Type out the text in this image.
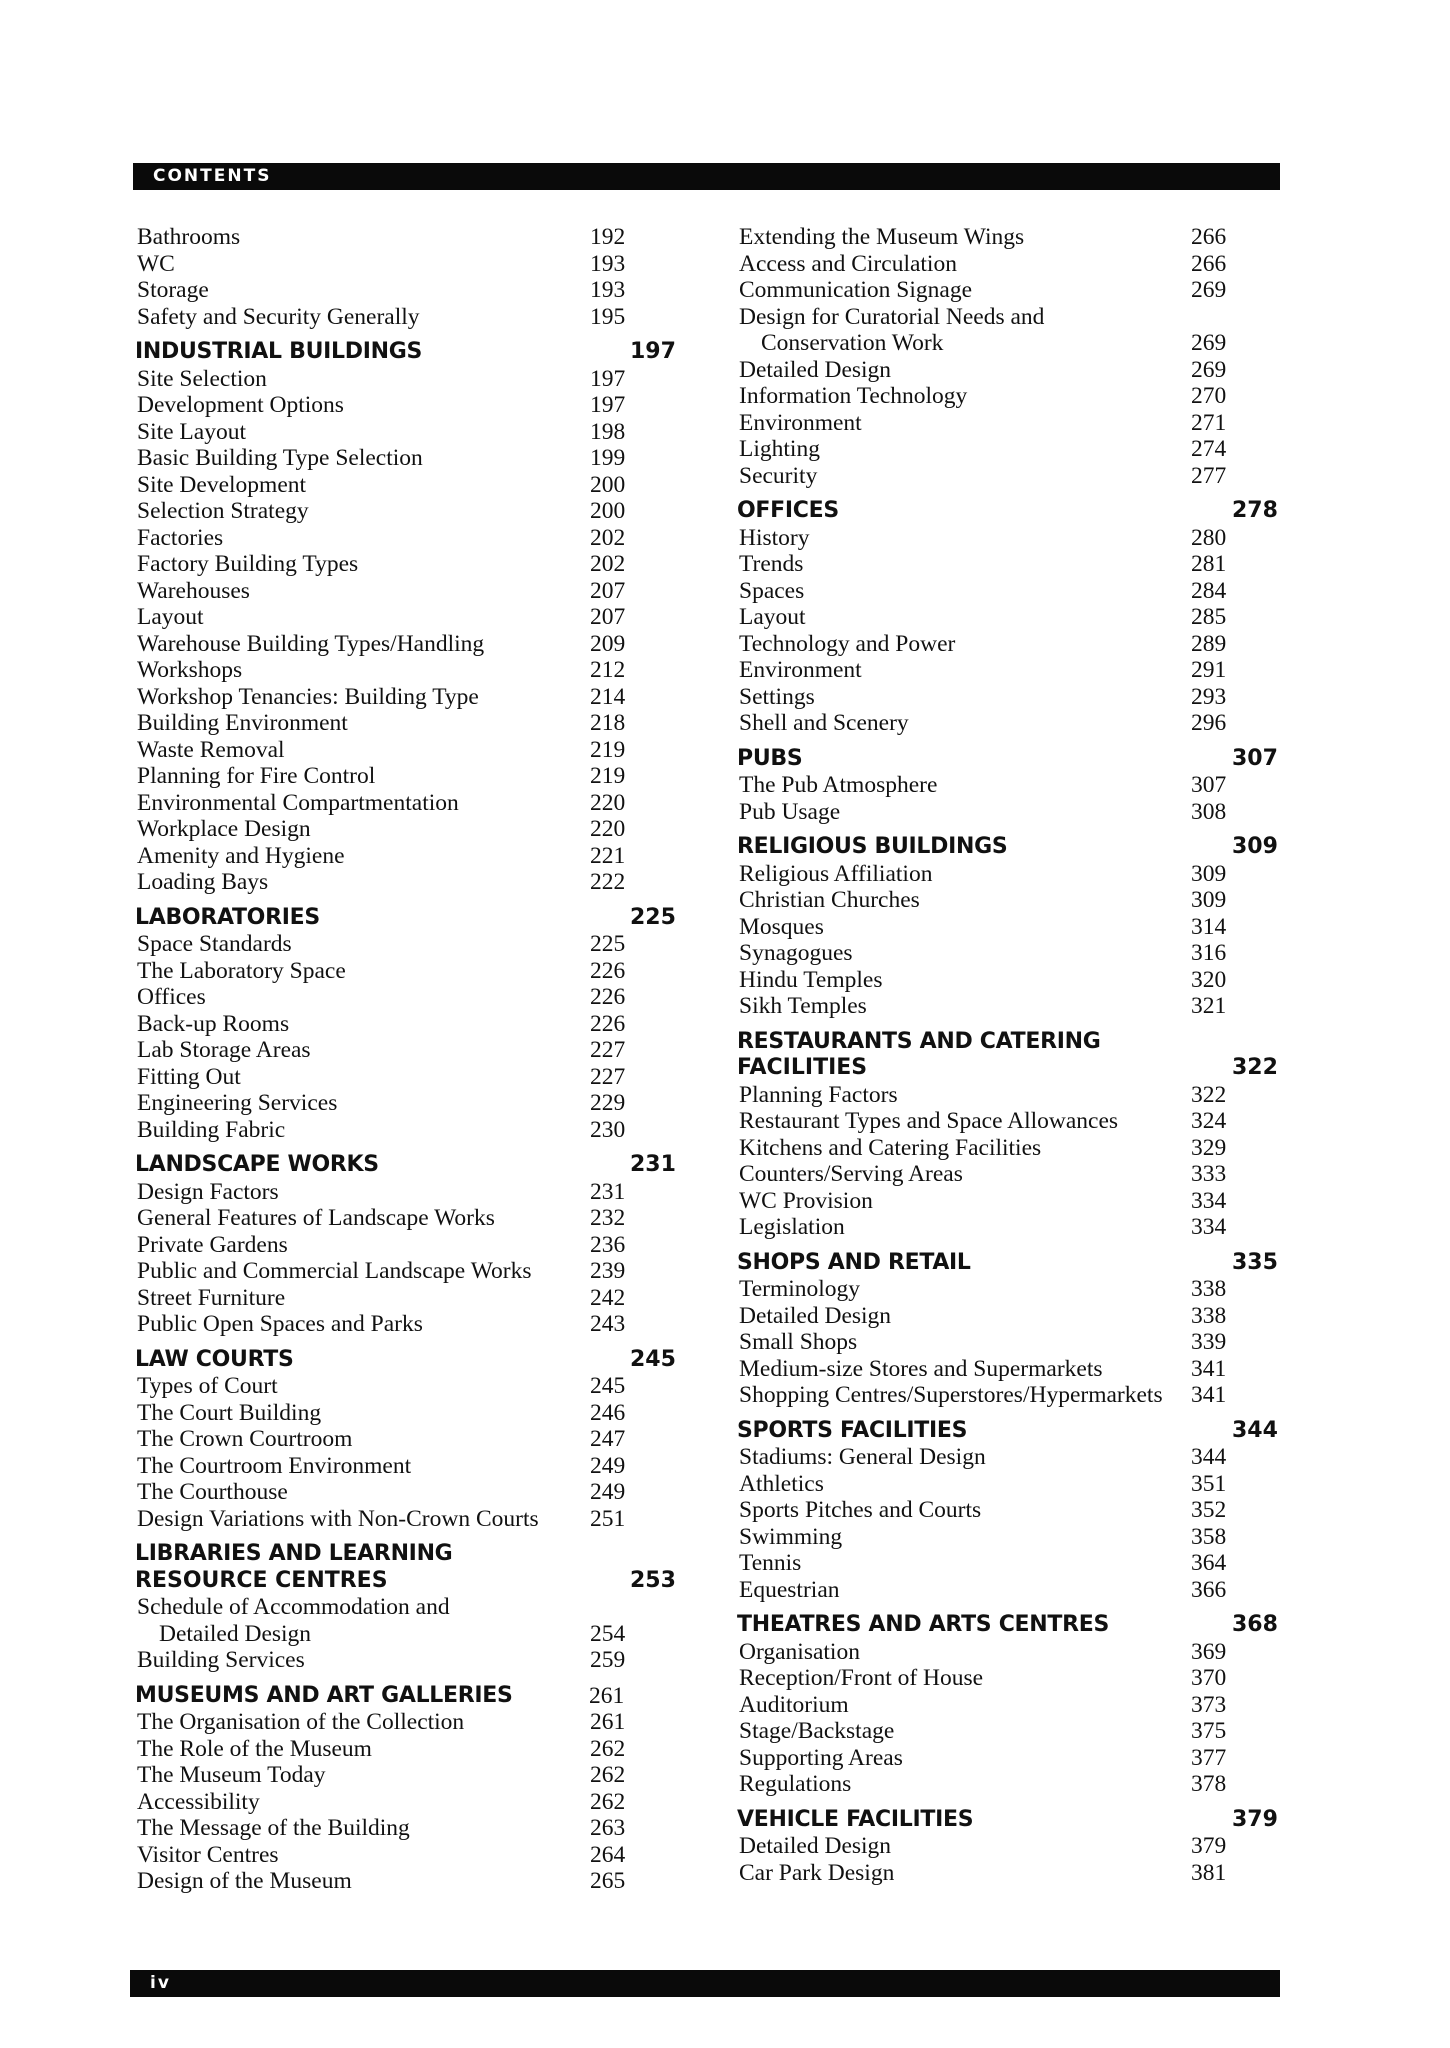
CONTENTS
Bathrooms	192
WC	193
Storage	193
Safety and Security Generally	195
INDUSTRIAL BUILDINGS	197
Site Selection	197
Development Options	197
Site Layout	198
Basic Building Type Selection	199
Site Development	200
Selection Strategy	200
Factories	202
Factory Building Types	202
Warehouses	207
Layout	207
Warehouse Building Types/Handling	209
Workshops	212
Workshop Tenancies: Building Type	214
Building Environment	218
Waste Removal	219
Planning for Fire Control	219
Environmental Compartmentation	220
Workplace Design	220
Amenity and Hygiene	221
Loading Bays	222
LABORATORIES	225
Space Standards	225
The Laboratory Space	226
Offices	226
Back-up Rooms	226
Lab Storage Areas	227
Fitting Out	227
Engineering Services	229
Building Fabric	230
LANDSCAPE WORKS	231
Design Factors	231
General Features of Landscape Works	232
Private Gardens	236
Public and Commercial Landscape Works 239
Street Furniture	242
Public Open Spaces and Parks	243
LAW COURTS	245
Types of Court	245
The Court Building	246
The Crown Courtroom	247
The Courtroom Environment	249
The Courthouse	249
Design Variations with Non-Crown Courts 251
LIBRARIES AND LEARNING
RESOURCE CENTRES	253
Schedule of Accommodation and
Detailed Design	254
Building Services	259
MUSEUMS AND ART GALLERIES	261
The Organisation of the Collection	261
The Role of the Museum	262
The Museum Today	262
Accessibility	262
The Message of the Building	263
Visitor Centres	264
Design of the Museum	265
Extending the Museum Wings	266
Access and Circulation	266
Communication Signage	269
Design for Curatorial Needs and
Conservation Work	269
Detailed Design	269
Information Technology	270
Environment	271
Lighting	274
Security	277
OFFICES	278
History	280
Trends	281
Spaces	284
Layout	285
Technology and Power	289
Environment	291
Settings	293
Shell and Scenery	296
PUBS	307
The Pub Atmosphere	307
Pub Usage	308
RELIGIOUS BUILDINGS	309
Religious Affiliation	309
Christian Churches	309
Mosques	314
Synagogues	316
Hindu Temples	320
Sikh Temples	321
RESTAURANTS AND CATERING
FACILITIES	322
Planning Factors	322
Restaurant Types and Space Allowances	324
Kitchens and Catering Facilities	329
Counters/Serving Areas	333
WC Provision	334
Legislation	334
SHOPS AND RETAIL	335
Terminology	338
Detailed Design	338
Small Shops	339
Medium-size Stores and Supermarkets	341
Shopping Centres/Superstores/Hypermarkets 341
SPORTS FACILITIES	344
Stadiums: General Design	344
Athletics	351
Sports Pitches and Courts	352
Swimming	358
Tennis	364
Equestrian	366
THEATRES AND ARTS CENTRES	368
Organisation	369
Reception/Front of House	370
Auditorium	373
Stage/Backstage	375
Supporting Areas	377
Regulations	378
VEHICLE FACILITIES	379
Detailed Design	379
Car Park Design	381
iv
